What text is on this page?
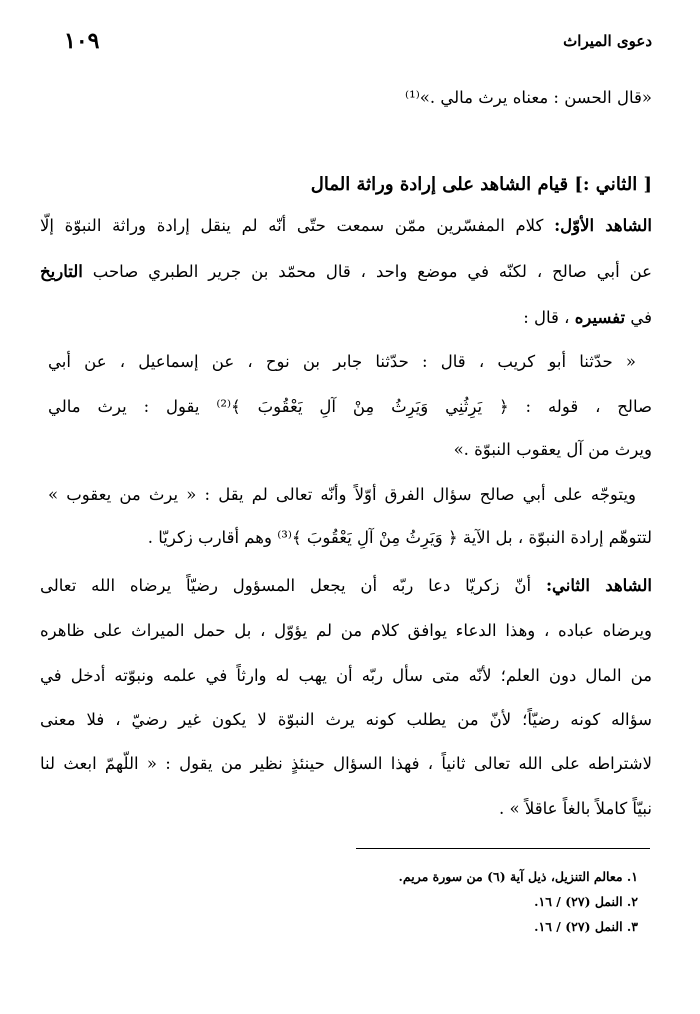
١٠٩	دعوى الميراث
«قال الحسن : معناه يرث مالي .»⁽¹⁾
[ الثاني :] قيام الشاهد على إرادة وراثة المال
الشاهد الأوّل: كلام المفسّرين ممّن سمعت حتّى أنّه لم ينقل إرادة وراثة النبوّة إلّا
عن أبي صالح ، لكنّه في موضع واحد ، قال محمّد بن جرير الطبري صاحب التاريخ
في تفسيره ، قال :
« حدّثنا أبو كريب ، قال : حدّثنا جابر بن نوح ، عن إسماعيل ، عن أبي
صالح ، قوله : ﴿ يَرِثُنِي وَيَرِثُ مِنْ آلِ يَعْقُوبَ ﴾⁽²⁾ يقول : يرث مالي
ويرث من آل يعقوب النبوّة .»
ويتوجّه على أبي صالح سؤال الفرق أوّلاً وأنّه تعالى لم يقل : « يرث من يعقوب »
لتتوهّم إرادة النبوّة ، بل الآية ﴿ وَيَرِثُ مِنْ آلِ يَعْقُوبَ ﴾⁽³⁾ وهم أقارب زكريّا .
الشاهد الثاني: أنّ زكريّا دعا ربّه أن يجعل المسؤول رضيّاً يرضاه الله تعالى
ويرضاه عباده ، وهذا الدعاء يوافق كلام من لم يؤوّل ، بل حمل الميراث على ظاهره
من المال دون العلم؛ لأنّه متى سأل ربّه أن يهب له وارثاً في علمه ونبوّته أدخل في
سؤاله كونه رضيّاً؛ لأنّ من يطلب كونه يرث النبوّة لا يكون غير رضيّ ، فلا معنى
لاشتراطه على الله تعالى ثانياً ، فهذا السؤال حينئذٍ نظير من يقول : « اللّهمّ ابعث لنا
نبيّاً كاملاً بالغاً عاقلاً » .
١. معالم التنزيل، ذيل آية (٦) من سورة مريم.
٢. النمل (٢٧) / ١٦.
٣. النمل (٢٧) / ١٦.
